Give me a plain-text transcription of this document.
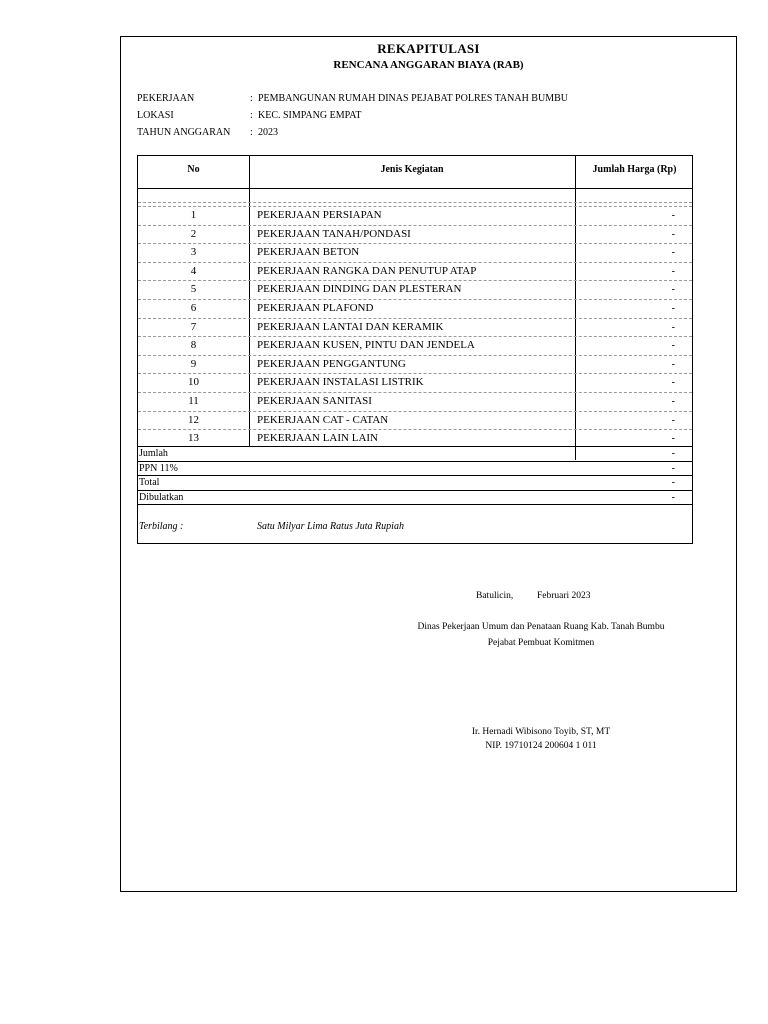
REKAPITULASI
RENCANA ANGGARAN BIAYA (RAB)
PEKERJAAN	: PEMBANGUNAN RUMAH DINAS PEJABAT POLRES TANAH BUMBU
LOKASI	: KEC. SIMPANG EMPAT
TAHUN ANGGARAN : 2023
No	Jenis Kegiatan	Jumlah Harga (Rp)
1	PEKERJAAN PERSIAPAN	-
2	PEKERJAAN TANAH/PONDASI	-
3	PEKERJAAN BETON	-
4	PEKERJAAN RANGKA DAN PENUTUP ATAP	-
5	PEKERJAAN DINDING DAN PLESTERAN	-
6	PEKERJAAN PLAFOND	-
7	PEKERJAAN LANTAI DAN KERAMIK	-
8	PEKERJAAN KUSEN, PINTU DAN JENDELA	-
9	PEKERJAAN PENGGANTUNG	-
10	PEKERJAAN INSTALASI LISTRIK	-
11	PEKERJAAN SANITASI	-
12	PEKERJAAN CAT - CATAN	-
13	PEKERJAAN LAIN LAIN	-
Jumlah	-
PPN 11%	-
Total	-
Dibulatkan	-
Terbilang :	Satu Milyar Lima Ratus Juta Rupiah
Batulicin,	Februari 2023
Dinas Pekerjaan Umum dan Penataan Ruang Kab. Tanah Bumbu
Pejabat Pembuat Komitmen
Ir. Hernadi Wibisono Toyib, ST, MT
NIP. 19710124 200604 1 011
